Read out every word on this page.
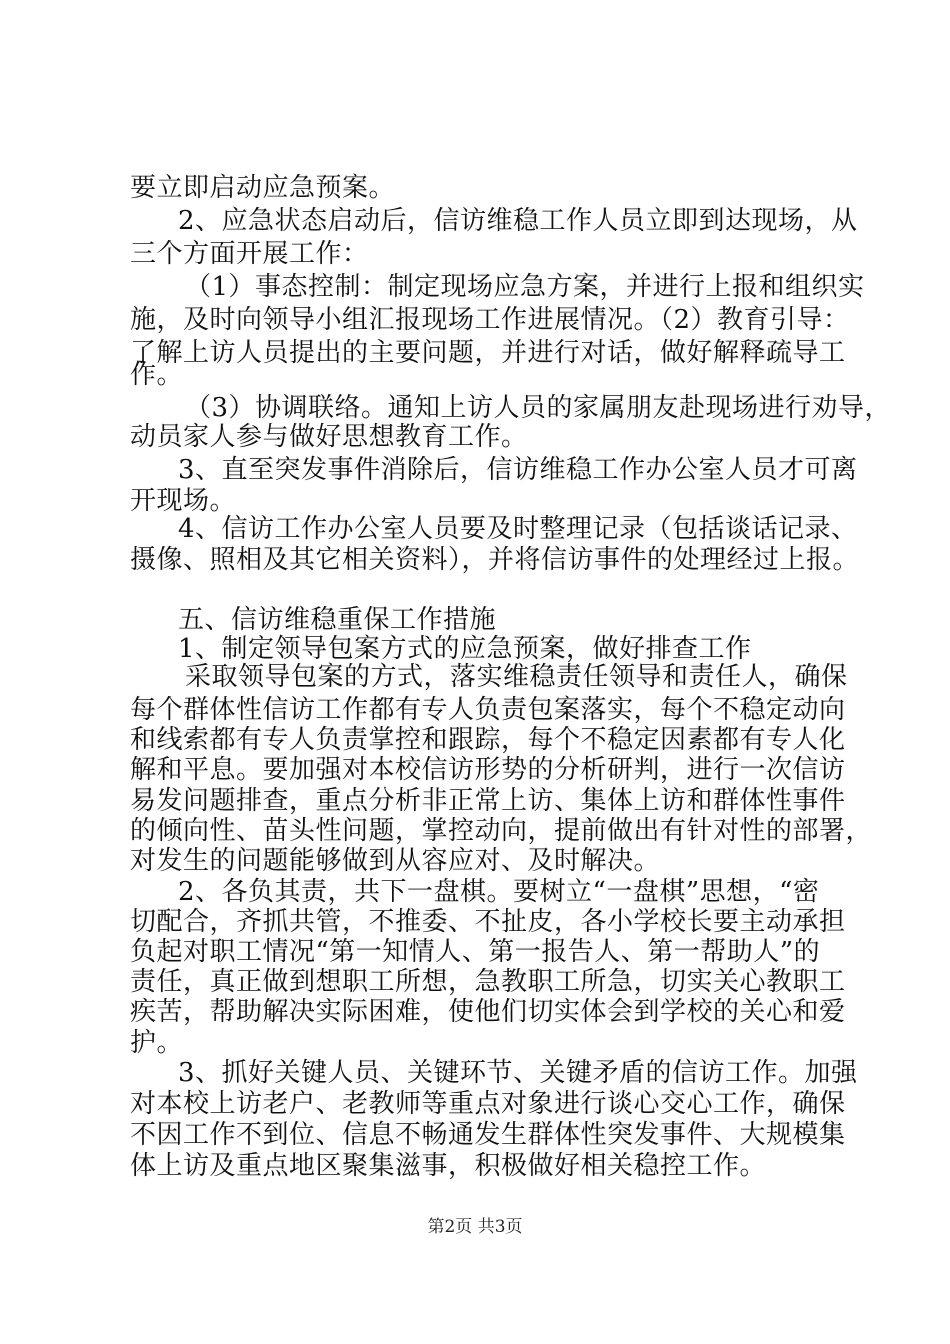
要立即启动应急预案。
2、应急状态启动后，信访维稳工作人员立即到达现场，从
三个方面开展工作：
（1）事态控制：制定现场应急方案，并进行上报和组织实
施，及时向领导小组汇报现场工作进展情况。（2）教育引导：
了解上访人员提出的主要问题，并进行对话，做好解释疏导工
作。
（3）协调联络。通知上访人员的家属朋友赴现场进行劝导，
动员家人参与做好思想教育工作。
3、直至突发事件消除后，信访维稳工作办公室人员才可离
开现场。
4、信访工作办公室人员要及时整理记录（包括谈话记录、
摄像、照相及其它相关资料），并将信访事件的处理经过上报。
五、信访维稳重保工作措施
1、制定领导包案方式的应急预案，做好排查工作
采取领导包案的方式，落实维稳责任领导和责任人，确保
每个群体性信访工作都有专人负责包案落实，每个不稳定动向
和线索都有专人负责掌控和跟踪，每个不稳定因素都有专人化
解和平息。要加强对本校信访形势的分析研判，进行一次信访
易发问题排查，重点分析非正常上访、集体上访和群体性事件
的倾向性、苗头性问题，掌控动向，提前做出有针对性的部署，
对发生的问题能够做到从容应对、及时解决。
2、各负其责，共下一盘棋。要树立“一盘棋”思想，“密
切配合，齐抓共管，不推委、不扯皮，各小学校长要主动承担
负起对职工情况“第一知情人、第一报告人、第一帮助人”的
责任，真正做到想职工所想，急教职工所急，切实关心教职工
疾苦，帮助解决实际困难，使他们切实体会到学校的关心和爱
护。
3、抓好关键人员、关键环节、关键矛盾的信访工作。加强
对本校上访老户、老教师等重点对象进行谈心交心工作，确保
不因工作不到位、信息不畅通发生群体性突发事件、大规模集
体上访及重点地区聚集滋事，积极做好相关稳控工作。
第2页 共3页
